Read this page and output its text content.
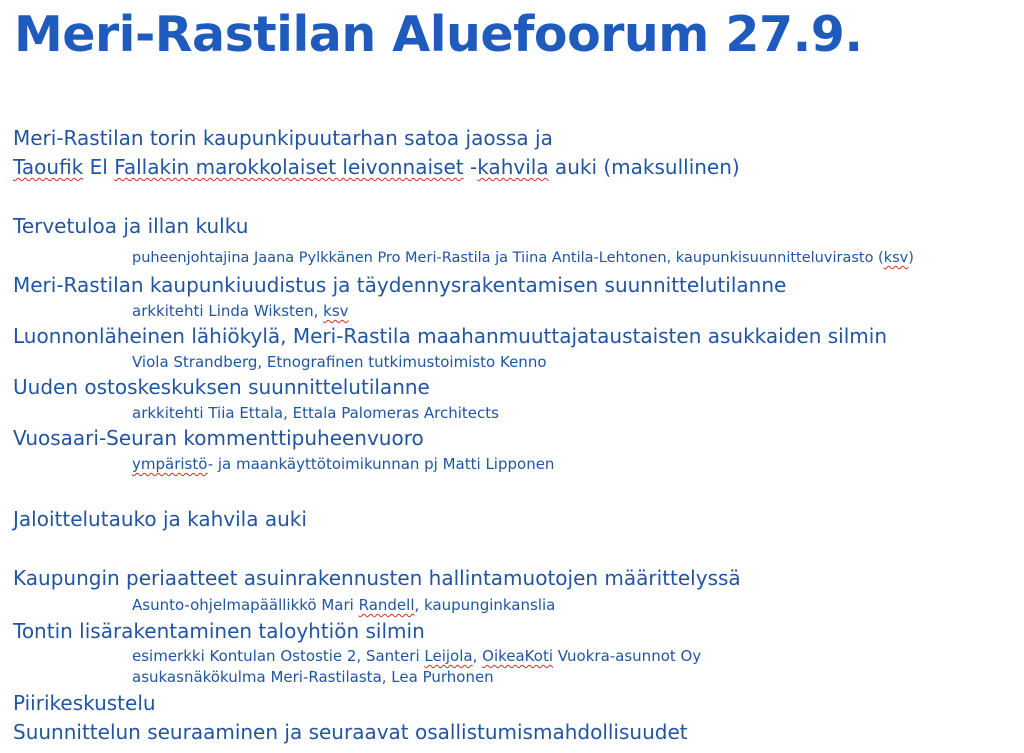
Meri-Rastilan Aluefoorum 27.9.
Meri-Rastilan torin kaupunkipuutarhan satoa jaossa ja
Taoufik El Fallakin marokkolaiset leivonnaiset -kahvila auki (maksullinen)
Tervetuloa ja illan kulku
puheenjohtajina Jaana Pylkkänen Pro Meri-Rastila ja Tiina Antila-Lehtonen, kaupunkisuunnitteluvirasto (ksv)
Meri-Rastilan kaupunkiuudistus ja täydennysrakentamisen suunnittelutilanne
arkkitehti Linda Wiksten, ksv
Luonnonläheinen lähiökylä, Meri-Rastila maahanmuuttajataustaisten asukkaiden silmin
Viola Strandberg, Etnografinen tutkimustoimisto Kenno
Uuden ostoskeskuksen suunnittelutilanne
arkkitehti Tiia Ettala, Ettala Palomeras Architects
Vuosaari-Seuran kommenttipuheenvuoro
ympäristö- ja maankäyttötoimikunnan pj Matti Lipponen
Jaloittelutauko ja kahvila auki
Kaupungin periaatteet asuinrakennusten hallintamuotojen määrittelyssä
Asunto-ohjelmapäällikkö Mari Randell, kaupunginkanslia
Tontin lisärakentaminen taloyhtiön silmin
esimerkki Kontulan Ostostie 2, Santeri Leijola, OikeaKoti Vuokra-asunnot Oy
asukasnäkökulma Meri-Rastilasta, Lea Purhonen
Piirikeskustelu
Suunnittelun seuraaminen ja seuraavat osallistumismahdollisuudet
